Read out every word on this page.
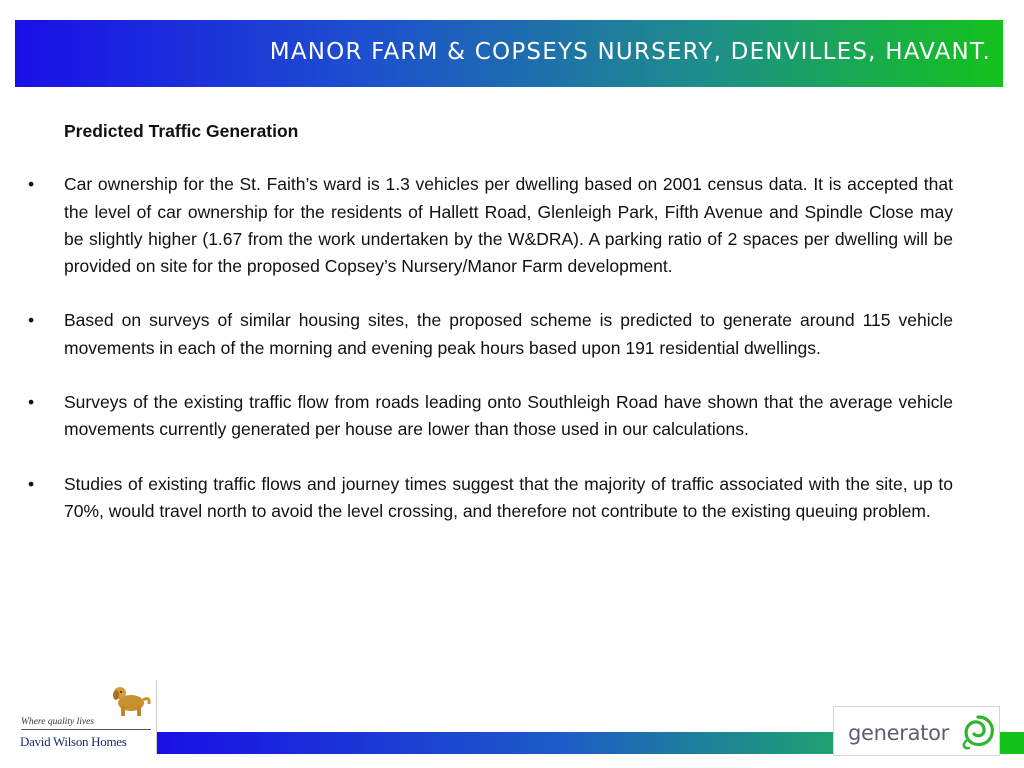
MANOR FARM & COPSEYS NURSERY, DENVILLES, HAVANT.
Predicted Traffic Generation
•	Car ownership for the St. Faith’s ward is 1.3 vehicles per dwelling based on 2001 census data. It is accepted that the level of car ownership for the residents of Hallett Road, Glenleigh Park, Fifth Avenue and Spindle Close may be slightly higher (1.67 from the work undertaken by the W&DRA). A parking ratio of 2 spaces per dwelling will be provided on site for the proposed Copsey’s Nursery/Manor Farm development.
•	Based on surveys of similar housing sites, the proposed scheme is predicted to generate around 115 vehicle movements in each of the morning and evening peak hours based upon 191 residential dwellings.
•	Surveys of the existing traffic flow from roads leading onto Southleigh Road have shown that the average vehicle movements currently generated per house are lower than those used in our calculations.
•	Studies of existing traffic flows and journey times suggest that the majority of traffic associated with the site, up to 70%, would travel north to avoid the level crossing, and therefore not contribute to the existing queuing problem.
Where quality lives
David Wilson Homes	generator
